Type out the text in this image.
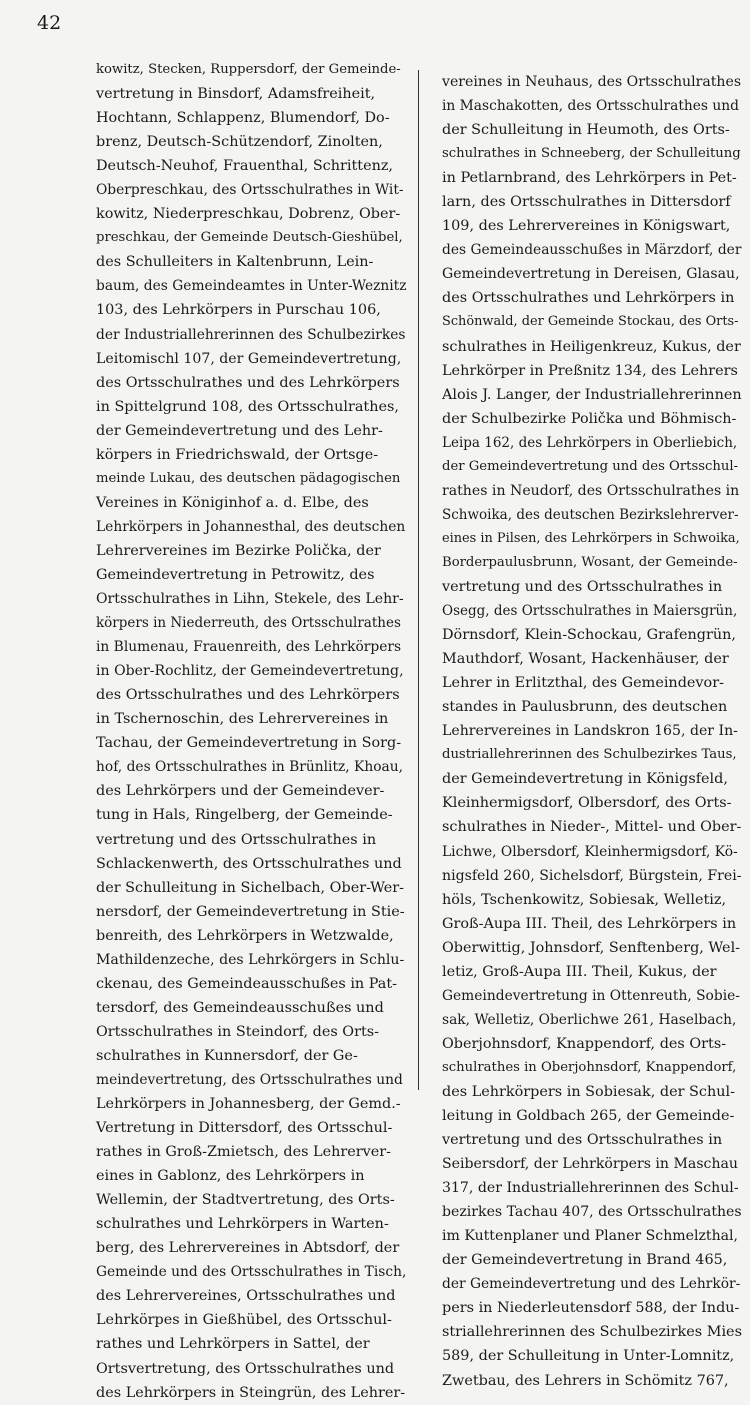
42
kowitz, Stecken, Ruppersdorf, der Gemeinde-
vertretung in Binsdorf, Adamsfreiheit,
Hochtann, Schlappenz, Blumendorf, Do-
brenz, Deutsch-Schützendorf, Zinolten,
Deutsch-Neuhof, Frauenthal, Schrittenz,
Oberpreschkau, des Ortsschulrathes in Wit-
kowitz, Niederpreschkau, Dobrenz, Ober-
preschkau, der Gemeinde Deutsch-Gieshübel,
des Schulleiters in Kaltenbrunn, Lein-
baum, des Gemeindeamtes in Unter-Weznitz
103, des Lehrkörpers in Purschau 106,
der Industriallehrerinnen des Schulbezirkes
Leitomischl 107, der Gemeindevertretung,
des Ortsschulrathes und des Lehrkörpers
in Spittelgrund 108, des Ortsschulrathes,
der Gemeindevertretung und des Lehr-
körpers in Friedrichswald, der Ortsge-
meinde Lukau, des deutschen pädagogischen
Vereines in Königinhof a. d. Elbe, des
Lehrkörpers in Johannesthal, des deutschen
Lehrervereines im Bezirke Polička, der
Gemeindevertretung in Petrowitz, des
Ortsschulrathes in Lihn, Stekele, des Lehr-
körpers in Niederreuth, des Ortsschulrathes
in Blumenau, Frauenreith, des Lehrkörpers
in Ober-Rochlitz, der Gemeindevertretung,
des Ortsschulrathes und des Lehrkörpers
in Tschernoschin, des Lehrervereines in
Tachau, der Gemeindevertretung in Sorg-
hof, des Ortsschulrathes in Brünlitz, Khoau,
des Lehrkörpers und der Gemeindever-
tung in Hals, Ringelberg, der Gemeinde-
vertretung und des Ortsschulrathes in
Schlackenwerth, des Ortsschulrathes und
der Schulleitung in Sichelbach, Ober-Wer-
nersdorf, der Gemeindevertretung in Stie-
benreith, des Lehrkörpers in Wetzwalde,
Mathildenzeche, des Lehrkörgers in Schlu-
ckenau, des Gemeindeausschußes in Pat-
tersdorf, des Gemeindeausschußes und
Ortsschulrathes in Steindorf, des Orts-
schulrathes in Kunnersdorf, der Ge-
meindevertretung, des Ortsschulrathes und
Lehrkörpers in Johannesberg, der Gemd.-
Vertretung in Dittersdorf, des Ortsschul-
rathes in Groß-Zmietsch, des Lehrerver-
eines in Gablonz, des Lehrkörpers in
Wellemin, der Stadtvertretung, des Orts-
schulrathes und Lehrkörpers in Warten-
berg, des Lehrervereines in Abtsdorf, der
Gemeinde und des Ortsschulrathes in Tisch,
des Lehrervereines, Ortsschulrathes und
Lehrkörpes in Gießhübel, des Ortsschul-
rathes und Lehrkörpers in Sattel, der
Ortsvertretung, des Ortsschulrathes und
des Lehrkörpers in Steingrün, des Lehrer-
vereines in Neuhaus, des Ortsschulrathes
in Maschakotten, des Ortsschulrathes und
der Schulleitung in Heumoth, des Orts-
schulrathes in Schneeberg, der Schulleitung
in Petlarnbrand, des Lehrkörpers in Pet-
larn, des Ortsschulrathes in Dittersdorf
109, des Lehrervereines in Königswart,
des Gemeindeausschußes in Märzdorf, der
Gemeindevertretung in Dereisen, Glasau,
des Ortsschulrathes und Lehrkörpers in
Schönwald, der Gemeinde Stockau, des Orts-
schulrathes in Heiligenkreuz, Kukus, der
Lehrkörper in Preßnitz 134, des Lehrers
Alois J. Langer, der Industriallehrerinnen
der Schulbezirke Polička und Böhmisch-
Leipa 162, des Lehrkörpers in Oberliebich,
der Gemeindevertretung und des Ortsschul-
rathes in Neudorf, des Ortsschulrathes in
Schwoika, des deutschen Bezirkslehrerver-
eines in Pilsen, des Lehrkörpers in Schwoika,
Borderpaulusbrunn, Wosant, der Gemeinde-
vertretung und des Ortsschulrathes in
Osegg, des Ortsschulrathes in Maiersgrün,
Dörnsdorf, Klein-Schockau, Grafengrün,
Mauthdorf, Wosant, Hackenhäuser, der
Lehrer in Erlitzthal, des Gemeindevor-
standes in Paulusbrunn, des deutschen
Lehrervereines in Landskron 165, der In-
dustriallehrerinnen des Schulbezirkes Taus,
der Gemeindevertretung in Königsfeld,
Kleinhermigsdorf, Olbersdorf, des Orts-
schulrathes in Nieder-, Mittel- und Ober-
Lichwe, Olbersdorf, Kleinhermigsdorf, Kö-
nigsfeld 260, Sichelsdorf, Bürgstein, Frei-
höls, Tschenkowitz, Sobiesak, Welletiz,
Groß-Aupa III. Theil, des Lehrkörpers in
Oberwittig, Johnsdorf, Senftenberg, Wel-
letiz, Groß-Aupa III. Theil, Kukus, der
Gemeindevertretung in Ottenreuth, Sobie-
sak, Welletiz, Oberlichwe 261, Haselbach,
Oberjohnsdorf, Knappendorf, des Orts-
schulrathes in Oberjohnsdorf, Knappendorf,
des Lehrkörpers in Sobiesak, der Schul-
leitung in Goldbach 265, der Gemeinde-
vertretung und des Ortsschulrathes in
Seibersdorf, der Lehrkörpers in Maschau
317, der Industriallehrerinnen des Schul-
bezirkes Tachau 407, des Ortsschulrathes
im Kuttenplaner und Planer Schmelzthal,
der Gemeindevertretung in Brand 465,
der Gemeindevertretung und des Lehrkör-
pers in Niederleutensdorf 588, der Indu-
striallehrerinnen des Schulbezirkes Mies
589, der Schulleitung in Unter-Lomnitz,
Zwetbau, des Lehrers in Schömitz 767,
